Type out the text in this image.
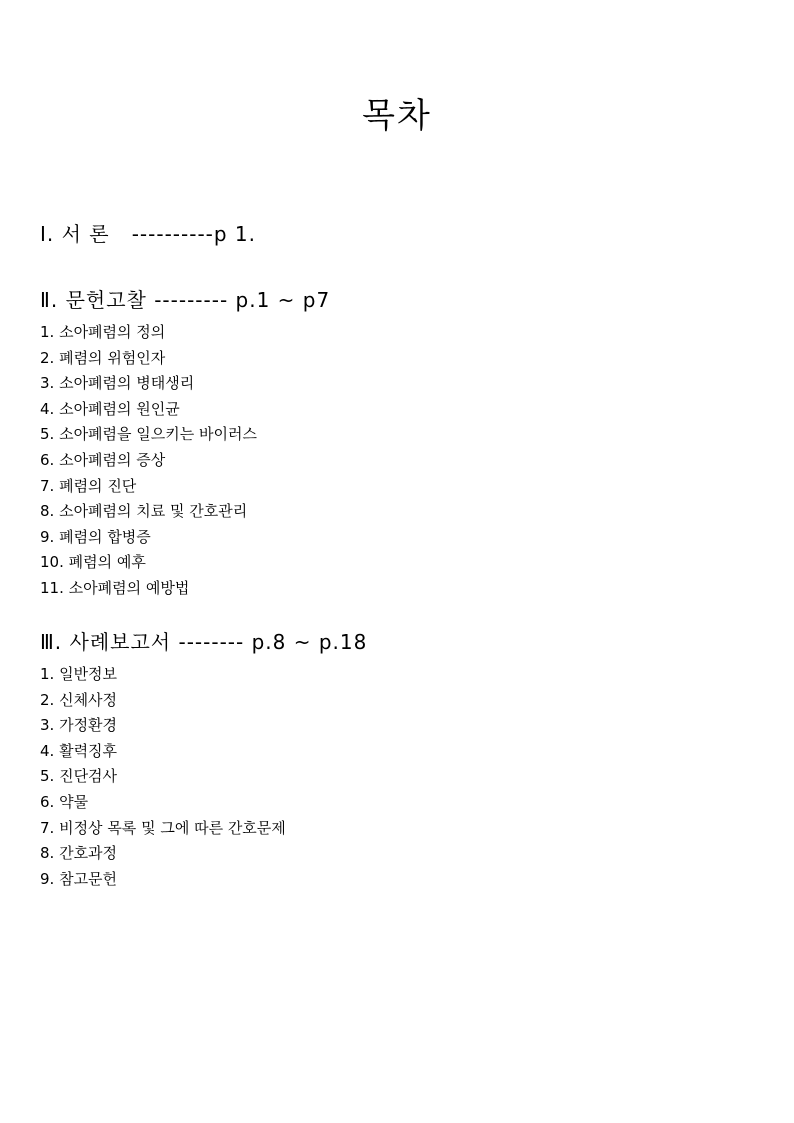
목차
Ⅰ. 서 론 ----------p 1.
Ⅱ. 문헌고찰 --------- p.1 ~ p7
1. 소아폐렴의 정의
2. 폐렴의 위험인자
3. 소아폐렴의 병태생리
4. 소아폐렴의 원인균
5. 소아폐렴을 일으키는 바이러스
6. 소아폐렴의 증상
7. 폐렴의 진단
8. 소아폐렴의 치료 및 간호관리
9. 폐렴의 합병증
10. 폐렴의 예후
11. 소아폐렴의 예방법
Ⅲ. 사례보고서 -------- p.8 ~ p.18
1. 일반정보
2. 신체사정
3. 가정환경
4. 활력징후
5. 진단검사
6. 약물
7. 비정상 목록 및 그에 따른 간호문제
8. 간호과정
9. 참고문헌
